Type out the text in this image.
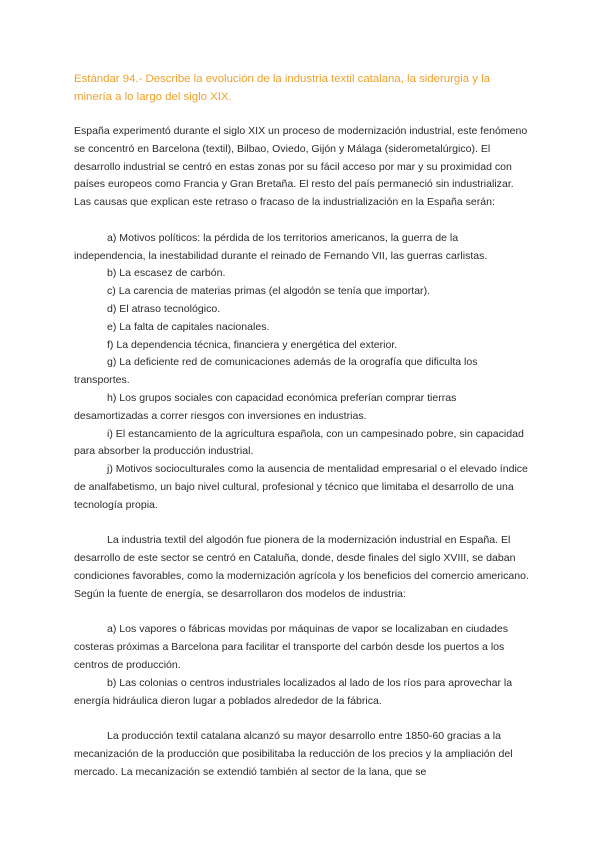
Estándar 94.- Describe la evolución de la industria textil catalana, la siderurgia y la minería a lo largo del siglo XIX.

España experimentó durante el siglo XIX un proceso de modernización industrial, este fenómeno se concentró en Barcelona (textil), Bilbao, Oviedo, Gijón y Málaga (siderometalúrgico). El desarrollo industrial se centró en estas zonas por su fácil acceso por mar y su proximidad con países europeos como Francia y Gran Bretaña. El resto del país permaneció sin industrializar. Las causas que explican este retraso o fracaso de la industrialización en la España serán:

a) Motivos políticos: la pérdida de los territorios americanos, la guerra de la independencia, la inestabilidad durante el reinado de Fernando VII, las guerras carlistas.

b) La escasez de carbón.

c) La carencia de materias primas (el algodón se tenía que importar).

d) El atraso tecnológico.

e) La falta de capitales nacionales.

f) La dependencia técnica, financiera y energética del exterior.

g) La deficiente red de comunicaciones además de la orografía que dificulta los transportes.

h) Los grupos sociales con capacidad económica preferían comprar tierras desamortizadas a correr riesgos con inversiones en industrias.

i) El estancamiento de la agricultura española, con un campesinado pobre, sin capacidad para absorber la producción industrial.

j) Motivos socioculturales como la ausencia de mentalidad empresarial o el elevado índice de analfabetismo, un bajo nivel cultural, profesional y técnico que limitaba el desarrollo de una tecnología propia.

La industria textil del algodón fue pionera de la modernización industrial en España. El desarrollo de este sector se centró en Cataluña, donde, desde finales del siglo XVIII, se daban condiciones favorables, como la modernización agrícola y los beneficios del comercio americano. Según la fuente de energía, se desarrollaron dos modelos de industria:

a) Los vapores o fábricas movidas por máquinas de vapor se localizaban en ciudades costeras próximas a Barcelona para facilitar el transporte del carbón desde los puertos a los centros de producción.

b) Las colonias o centros industriales localizados al lado de los ríos para aprovechar la energía hidráulica dieron lugar a poblados alrededor de la fábrica.

La producción textil catalana alcanzó su mayor desarrollo entre 1850-60 gracias a la mecanización de la producción que posibilitaba la reducción de los precios y la ampliación del mercado. La mecanización se extendió también al sector de la lana, que se
